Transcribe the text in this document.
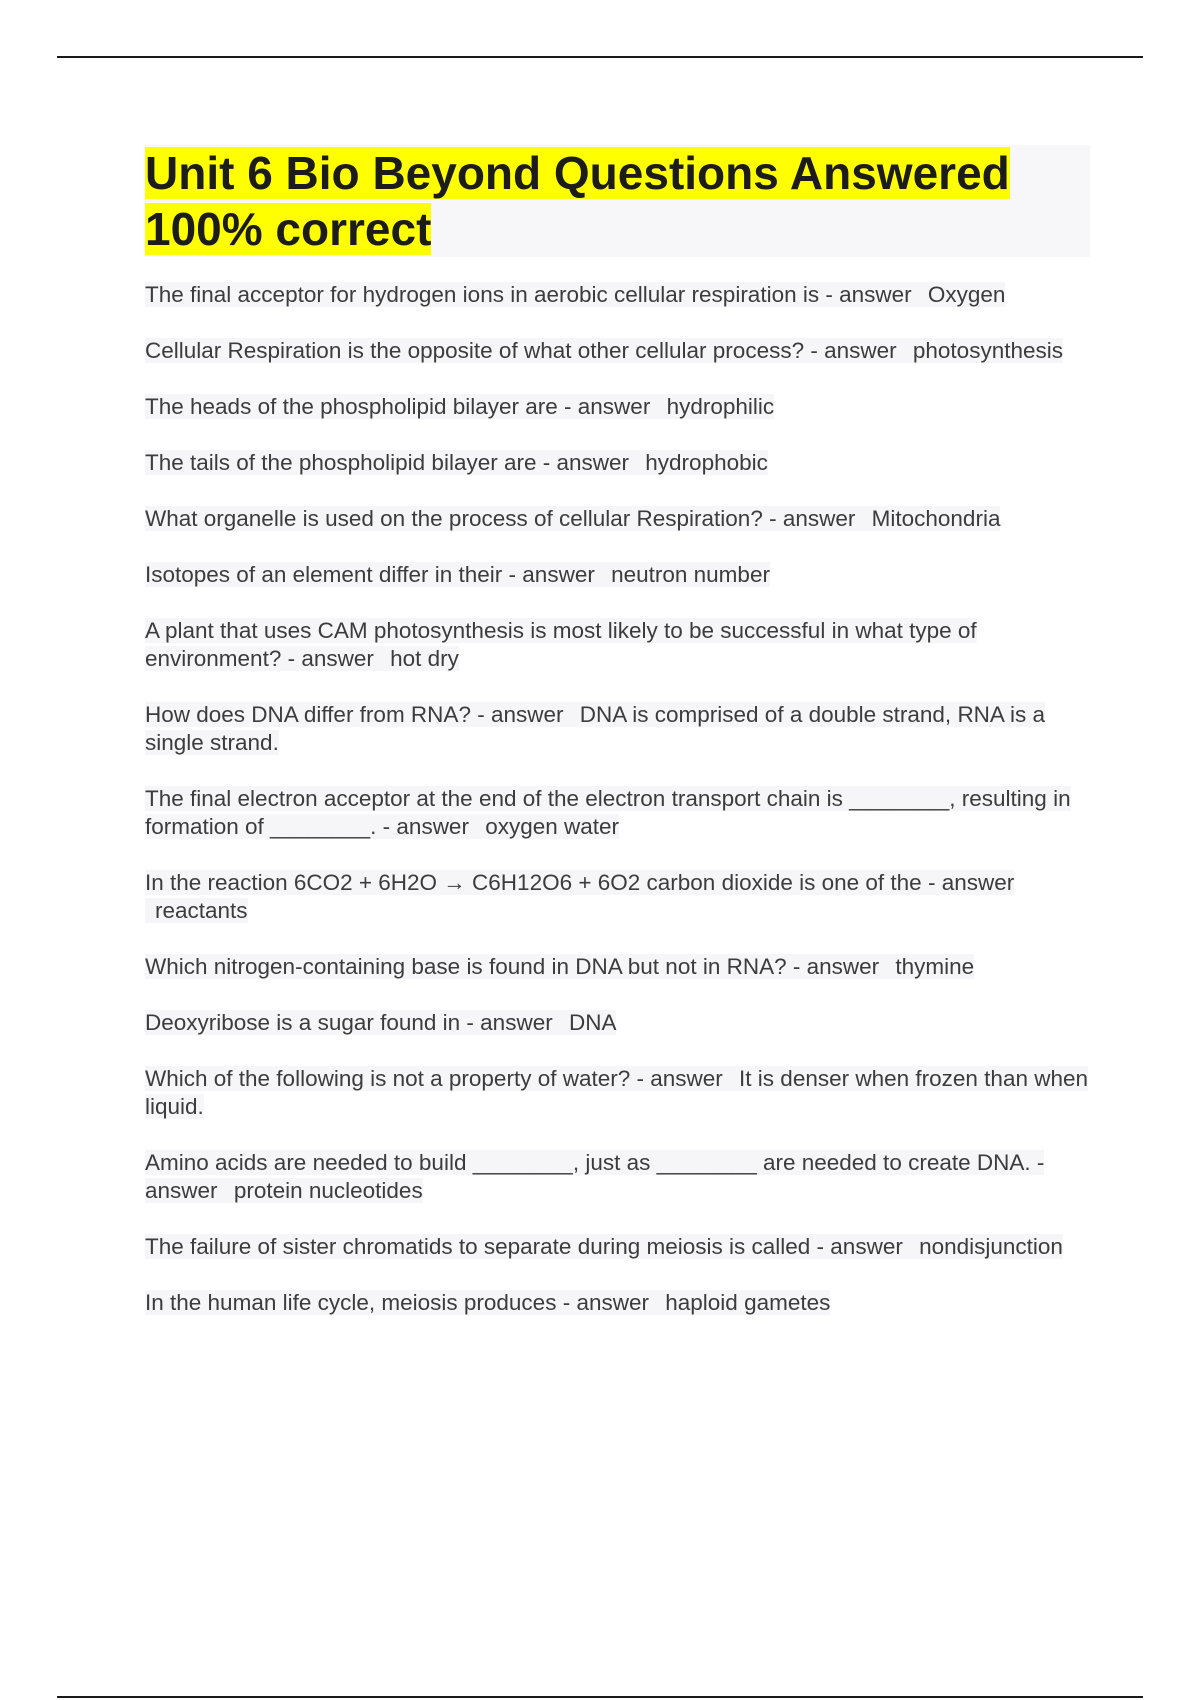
Unit 6 Bio Beyond Questions Answered 100% correct

The final acceptor for hydrogen ions in aerobic cellular respiration is - answer Oxygen

Cellular Respiration is the opposite of what other cellular process? - answer photosynthesis

The heads of the phospholipid bilayer are - answer hydrophilic

The tails of the phospholipid bilayer are - answer hydrophobic

What organelle is used on the process of cellular Respiration? - answer Mitochondria

Isotopes of an element differ in their - answer neutron number

A plant that uses CAM photosynthesis is most likely to be successful in what type of environment? - answer hot dry

How does DNA differ from RNA? - answer DNA is comprised of a double strand, RNA is a single strand.

The final electron acceptor at the end of the electron transport chain is ________, resulting in formation of ________. - answer oxygen water

In the reaction 6CO2 + 6H2O → C6H12O6 + 6O2 carbon dioxide is one of the - answer reactants

Which nitrogen-containing base is found in DNA but not in RNA? - answer thymine

Deoxyribose is a sugar found in - answer DNA

Which of the following is not a property of water? - answer It is denser when frozen than when liquid.

Amino acids are needed to build ________, just as ________ are needed to create DNA. - answer protein nucleotides

The failure of sister chromatids to separate during meiosis is called - answer nondisjunction

In the human life cycle, meiosis produces - answer haploid gametes
